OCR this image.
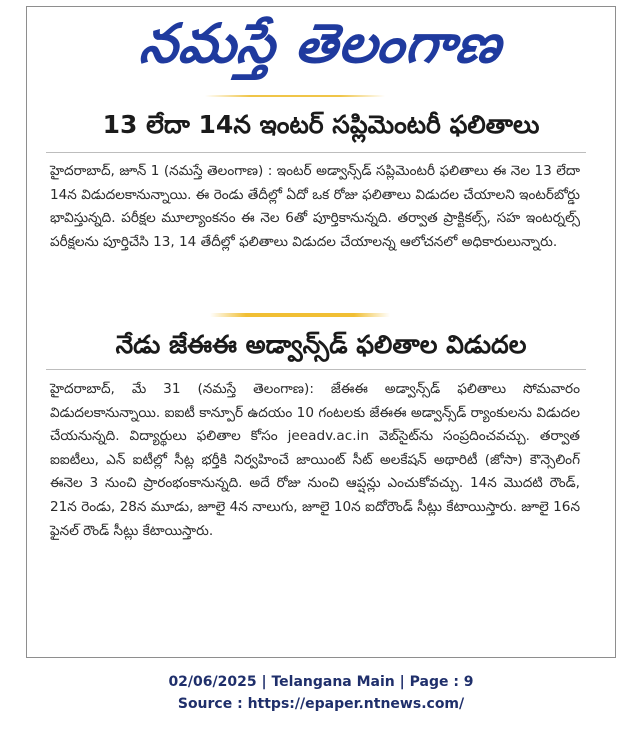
నమస్తే తెలంగాణ
13 లేదా 14న ఇంటర్ సప్లిమెంటరీ ఫలితాలు
హైదరాబాద్, జూన్ 1 (నమస్తే తెలంగాణ) : ఇంటర్ అడ్వాన్స్‌డ్ సప్లిమెంటరీ ఫలితాలు ఈ నెల 13 లేదా 14న విడుదలకానున్నాయి. ఈ రెండు తేదీల్లో ఏదో ఒక రోజు ఫలితాలు విడుదల చేయాలని ఇంటర్‌బోర్డు భావిస్తున్నది. పరీక్షల మూల్యాంకనం ఈ నెల 6తో పూర్తికానున్నది. తర్వాత ప్రాక్టికల్స్, సహ ఇంటర్నల్స్ పరీక్షలను పూర్తిచేసి 13, 14 తేదీల్లో ఫలితాలు విడుదల చేయాలన్న ఆలోచనలో అధికారులున్నారు.
నేడు జేఈఈ అడ్వాన్స్‌డ్ ఫలితాల విడుదల
హైదరాబాద్, మే 31 (నమస్తే తెలంగాణ): జేఈఈ అడ్వాన్స్‌డ్ ఫలితాలు సోమవారం విడుదలకానున్నాయి. ఐఐటీ కాన్పూర్ ఉదయం 10 గంటలకు జేఈఈ అడ్వాన్స్‌డ్ ర్యాంకులను విడుదల చేయనున్నది. విద్యార్థులు ఫలితాల కోసం jeeadv.ac.in వెబ్‌సైట్‌ను సంప్రదించవచ్చు. తర్వాత ఐఐటీలు, ఎన్ ఐటీల్లో సీట్ల భర్తీకి నిర్వహించే జాయింట్ సీట్ అలకేషన్ అథారిటీ (జోసా) కౌన్సెలింగ్ ఈనెల 3 నుంచి ప్రారంభంకానున్నది. అదే రోజు నుంచి ఆప్షన్లు ఎంచుకోవచ్చు. 14న మొదటి రౌండ్, 21న రెండు, 28న మూడు, జూలై 4న నాలుగు, జూలై 10న ఐదోరౌండ్ సీట్లు కేటాయిస్తారు. జూలై 16న ఫైనల్ రౌండ్ సీట్లు కేటాయిస్తారు.
02/06/2025 | Telangana Main | Page : 9
Source : https://epaper.ntnews.com/
